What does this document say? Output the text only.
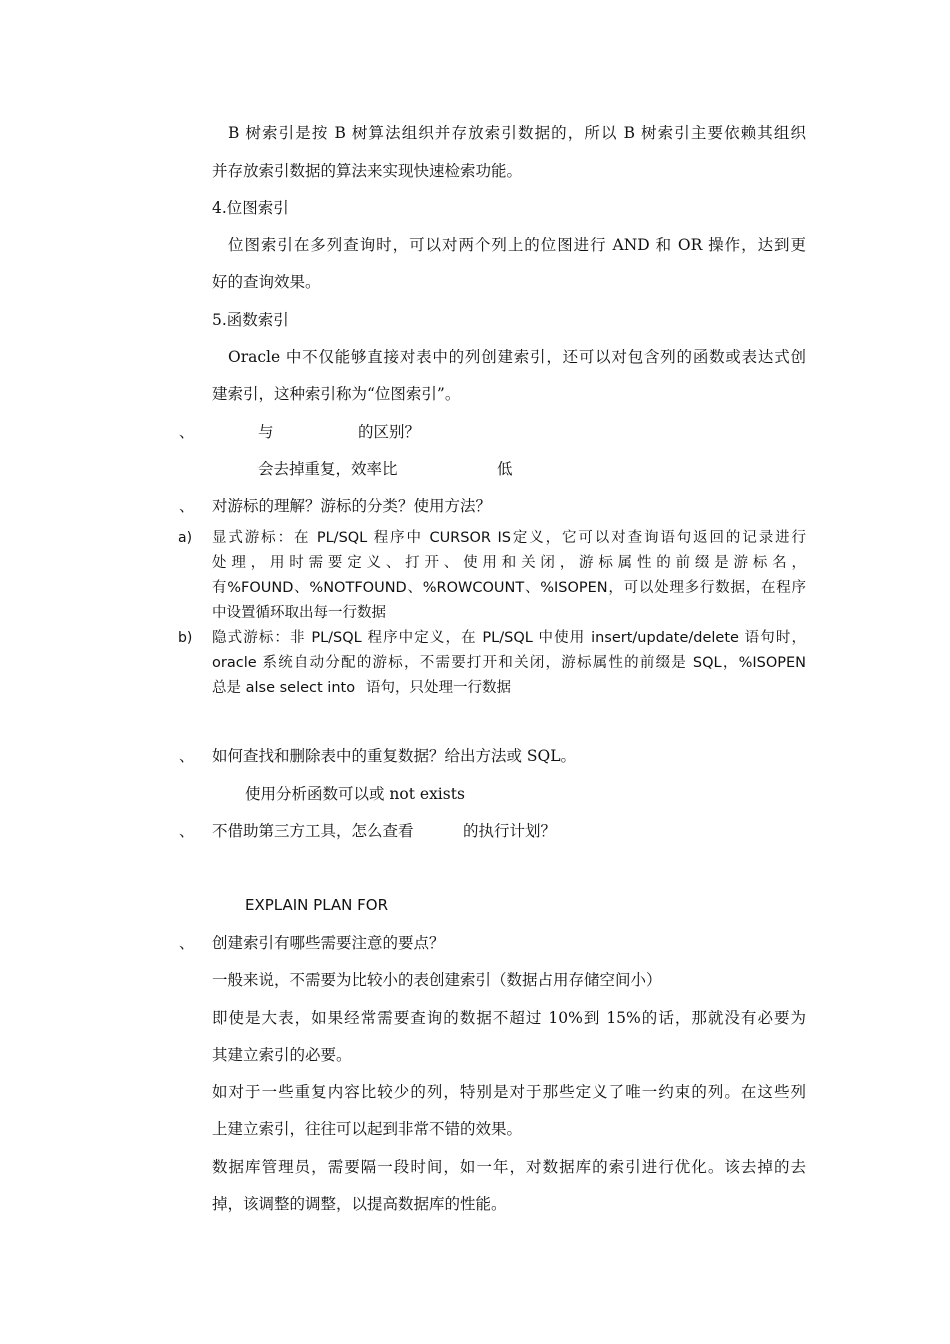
B 树索引是按 B 树算法组织并存放索引数据的，所以 B 树索引主要依赖其组织
并存放索引数据的算法来实现快速检索功能。
4.位图索引
位图索引在多列查询时，可以对两个列上的位图进行 AND 和 OR 操作，达到更
好的查询效果。
5.函数索引
Oracle 中不仅能够直接对表中的列创建索引，还可以对包含列的函数或表达式创
建索引，这种索引称为“位图索引”。
、	与	的区别？
会去掉重复，效率比	低
、 对游标的理解？游标的分类？使用方法？
a) 显式游标：在 PL/SQL 程序中 CURSOR IS定义，它可以对查询语句返回的记录进行
处理，用时需要定义、打开、使用和关闭，游标属性的前缀是游标名，
有%FOUND、%NOTFOUND、%ROWCOUNT、%ISOPEN，可以处理多行数据，在程序
中设置循环取出每一行数据
b) 隐式游标：非 PL/SQL 程序中定义，在 PL/SQL 中使用 insert/update/delete 语句时，
oracle 系统自动分配的游标，不需要打开和关闭，游标属性的前缀是 SQL，%ISOPEN
总是 alse select into 语句，只处理一行数据
、 如何查找和删除表中的重复数据？给出方法或 SQL。
使用分析函数可以或 not exists
、 不借助第三方工具，怎么查看	的执行计划？
EXPLAIN PLAN FOR
、 创建索引有哪些需要注意的要点？
一般来说，不需要为比较小的表创建索引（数据占用存储空间小）
即使是大表，如果经常需要查询的数据不超过 10%到 15%的话，那就没有必要为
其建立索引的必要。
如对于一些重复内容比较少的列，特别是对于那些定义了唯一约束的列。在这些列
上建立索引，往往可以起到非常不错的效果。
数据库管理员，需要隔一段时间，如一年，对数据库的索引进行优化。该去掉的去
掉，该调整的调整，以提高数据库的性能。
